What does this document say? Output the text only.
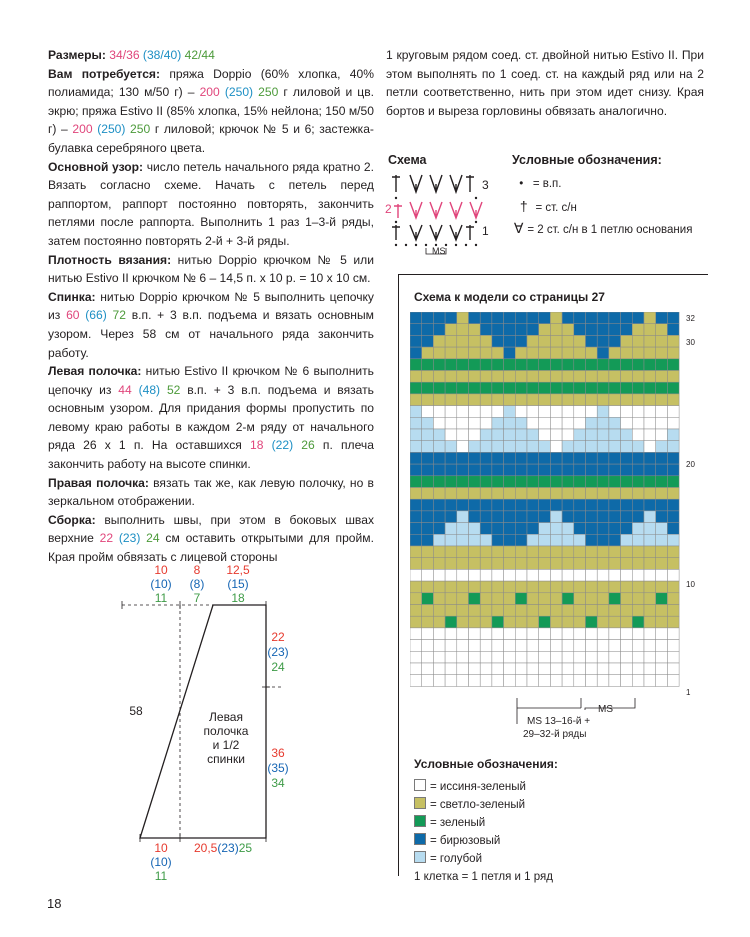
Размеры: 34/36 (38/40) 42/44

Вам потребуется: пряжа Doppio (60% хлопка, 40% полиамида; 130 м/50 г) – 200 (250) 250 г лиловой и цв. экрю; пряжа Estivo II (85% хлопка, 15% нейлона; 150 м/50 г) – 200 (250) 250 г лиловой; крючок № 5 и 6; застежка-булавка серебряного цвета.

Основной узор: число петель начального ряда кратно 2. Вязать согласно схеме. Начать с петель перед раппортом, раппорт постоянно повторять, закончить петлями после раппорта. Выполнить 1 раз 1–3-й ряды, затем постоянно повторять 2-й + 3-й ряды.

Плотность вязания: нитью Doppio крючком № 5 или нитью Estivo II крючком № 6 – 14,5 п. х 10 р. = 10 х 10 см.

Спинка: нитью Doppio крючком № 5 выполнить цепочку из 60 (66) 72 в.п. + 3 в.п. подъема и вязать основным узором. Через 58 см от начального ряда закончить работу.

Левая полочка: нитью Estivo II крючком № 6 выполнить цепочку из 44 (48) 52 в.п. + 3 в.п. подъема и вязать основным узором. Для придания формы пропустить по левому краю работы в каждом 2-м ряду от начального ряда 26 х 1 п. На оставшихся 18 (22) 26 п. плеча закончить работу на высоте спинки.

Правая полочка: вязать так же, как левую полочку, но в зеркальном отображении.

Сборка: выполнить швы, при этом в боковых швах верхние 22 (23) 24 см оставить открытыми для пройм. Края пройм обвязать с лицевой стороны

1 круговым рядом соед. ст. двойной нитью Estivo II. При этом выполнять по 1 соед. ст. на каждый ряд или на 2 петли соответственно, нить при этом идет снизу. Края бортов и выреза горловины обвязать аналогично.
Схема
3
2
1
MS
Условные обозначения:
•   = в.п.
†  = ст. с/н
∀ = 2 ст. с/н в 1 петлю основания
Схема к модели со страницы 27
32
30
20
10
1
MS
MS 13–16-й +
29–32-й ряды
Условные обозначения:
= иссиня-зеленый
= светло-зеленый
= зеленый
= бирюзовый
= голубой
1 клетка = 1 петля и 1 ряд
10
(10)
11
8
(8)
7
12,5
(15)
18
22
(23)
24
36
(35)
34
58	Левая
полочка
и 1/2
спинки
10
(10)
11
20,5(23)25
18
